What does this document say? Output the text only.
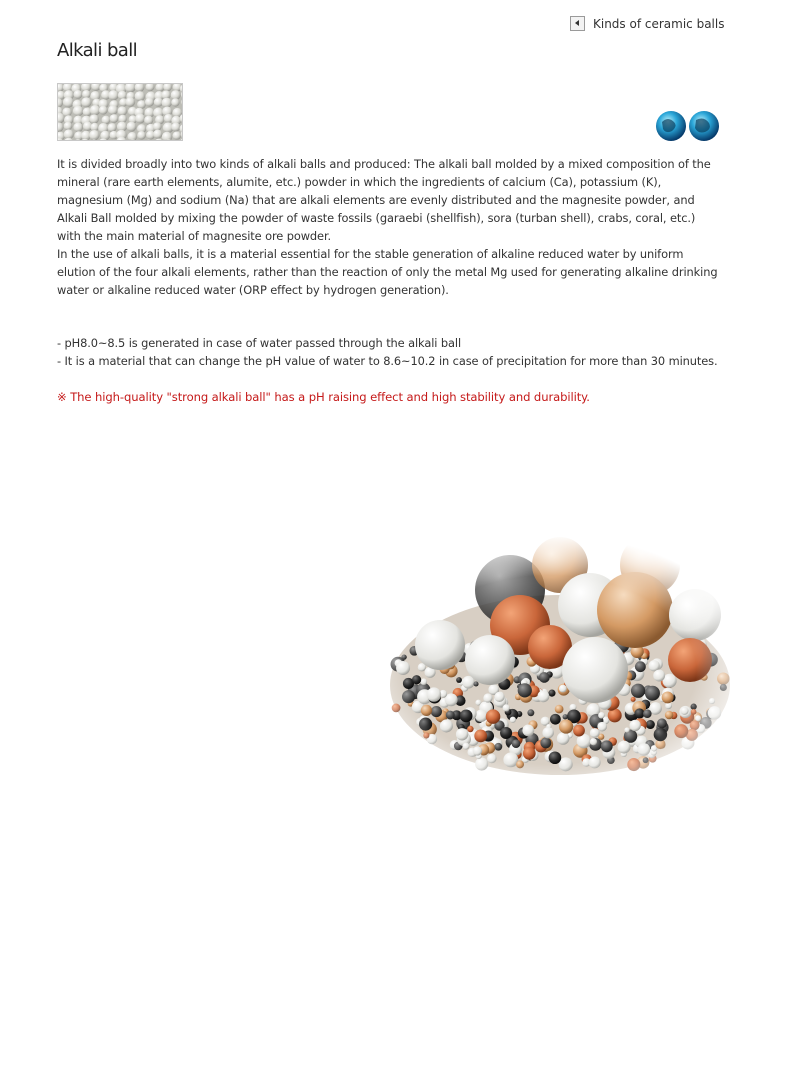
Kinds of ceramic balls
Alkali ball

It is divided broadly into two kinds of alkali balls and produced: The alkali ball molded by a mixed composition of the mineral (rare earth elements, alumite, etc.) powder in which the ingredients of calcium (Ca), potassium (K), magnesium (Mg) and sodium (Na) that are alkali elements are evenly distributed and the magnesite powder, and Alkali Ball molded by mixing the powder of waste fossils (garaebi (shellfish), sora (turban shell), crabs, coral, etc.) with the main material of magnesite ore powder.

In the use of alkali balls, it is a material essential for the stable generation of alkaline reduced water by uniform elution of the four alkali elements, rather than the reaction of only the metal Mg used for generating alkaline drinking water or alkaline reduced water (ORP effect by hydrogen generation).

- pH8.0~8.5 is generated in case of water passed through the alkali ball
- It is a material that can change the pH value of water to 8.6~10.2 in case of precipitation for more than 30 minutes.
※ The high-quality "strong alkali ball" has a pH raising effect and high stability and durability.
